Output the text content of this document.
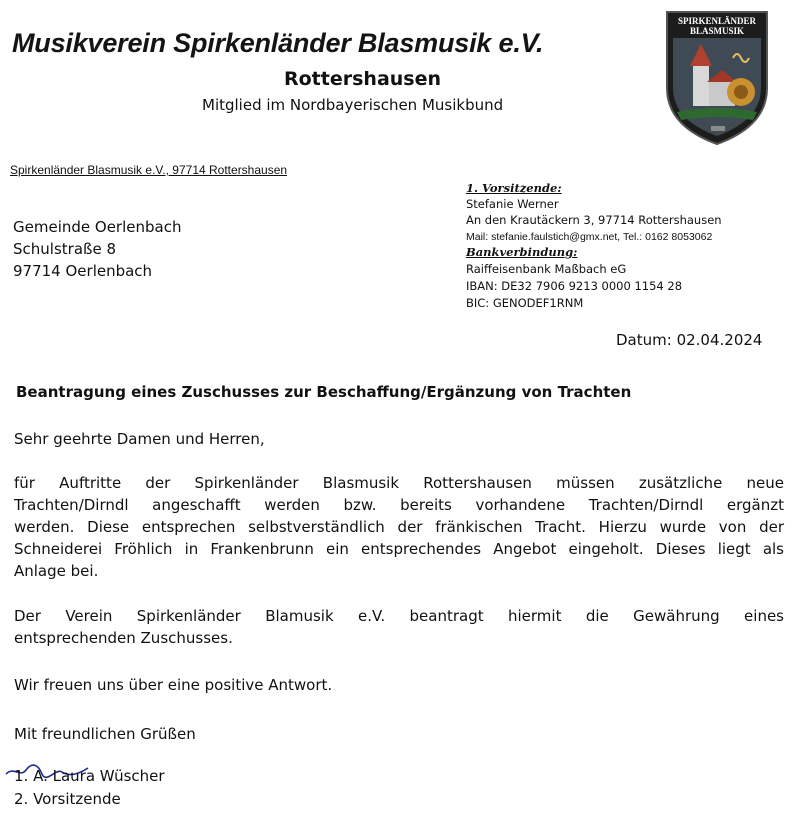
Musikverein Spirkenländer Blasmusik e.V.
Rottershausen
Mitglied im Nordbayerischen Musikbund
SPIRKENLÄNDER
BLASMUSIK
Spirkenländer Blasmusik e.V., 97714 Rottershausen
Gemeinde Oerlenbach
Schulstraße 8
97714 Oerlenbach
1. Vorsitzende:
Stefanie Werner
An den Krautäckern 3, 97714 Rottershausen
Mail: stefanie.faulstich@gmx.net, Tel.: 0162 8053062
Bankverbindung:
Raiffeisenbank Maßbach eG
IBAN: DE32 7906 9213 0000 1154 28
BIC: GENODEF1RNM
Datum: 02.04.2024
Beantragung eines Zuschusses zur Beschaffung/Ergänzung von Trachten
Sehr geehrte Damen und Herren,
für Auftritte der Spirkenländer Blasmusik Rottershausen müssen zusätzliche neue
Trachten/Dirndl angeschafft werden bzw. bereits vorhandene Trachten/Dirndl ergänzt
werden. Diese entsprechen selbstverständlich der fränkischen Tracht. Hierzu wurde von der
Schneiderei Fröhlich in Frankenbrunn ein entsprechendes Angebot eingeholt. Dieses liegt als
Anlage bei.
Der Verein Spirkenländer Blamusik e.V. beantragt hiermit die Gewährung eines
entsprechenden Zuschusses.
Wir freuen uns über eine positive Antwort.
Mit freundlichen Grüßen
1. A. Laura Wüscher
2. Vorsitzende
